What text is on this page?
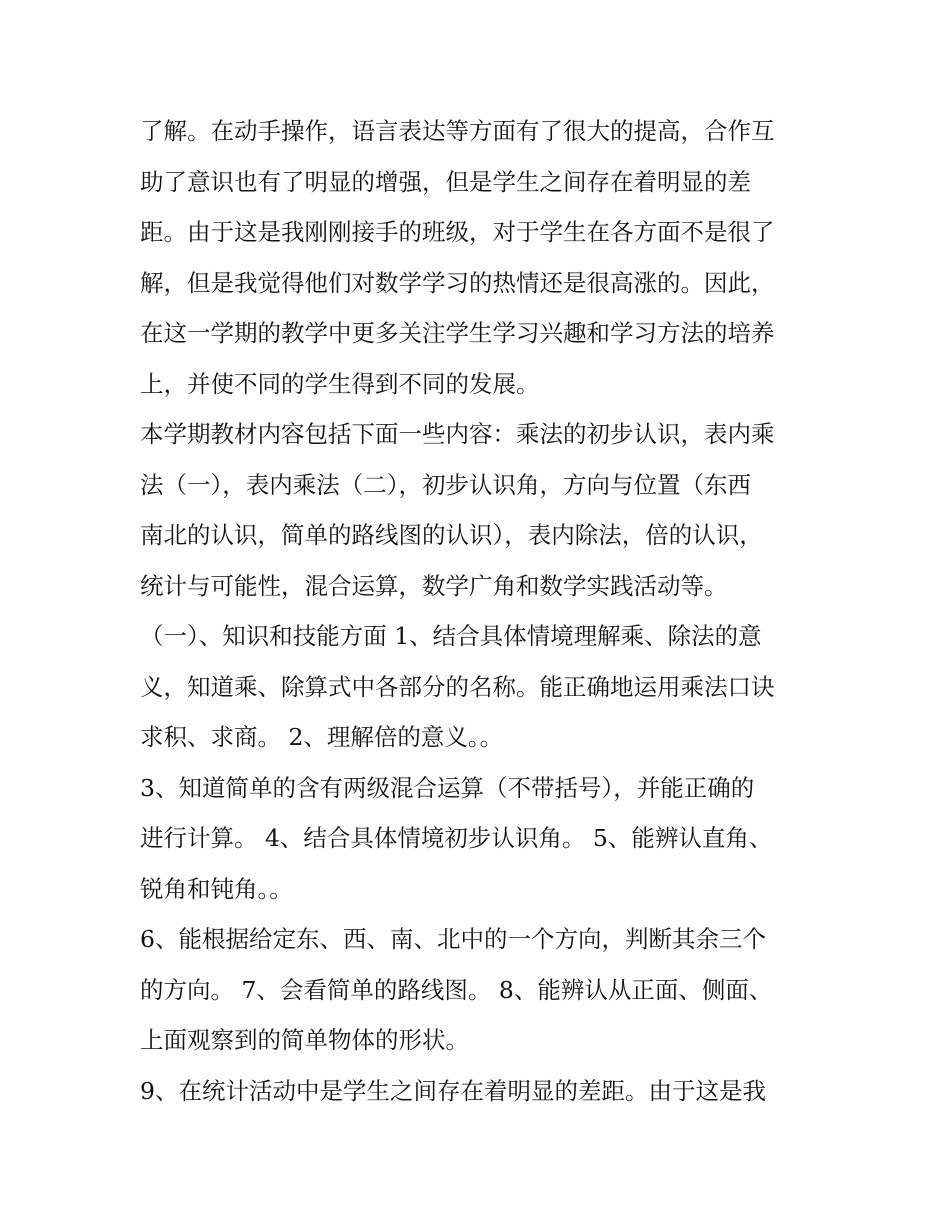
了解。在动手操作，语言表达等方面有了很大的提高，合作互
助了意识也有了明显的增强，但是学生之间存在着明显的差
距。由于这是我刚刚接手的班级，对于学生在各方面不是很了
解，但是我觉得他们对数学学习的热情还是很高涨的。因此，
在这一学期的教学中更多关注学生学习兴趣和学习方法的培养
上，并使不同的学生得到不同的发展。
本学期教材内容包括下面一些内容：乘法的初步认识，表内乘
法（一），表内乘法（二），初步认识角，方向与位置（东西
南北的认识，简单的路线图的认识），表内除法，倍的认识，
统计与可能性，混合运算，数学广角和数学实践活动等。
（一）、知识和技能方面 1、结合具体情境理解乘、除法的意
义，知道乘、除算式中各部分的名称。能正确地运用乘法口诀
求积、求商。 2、理解倍的意义。。
3、知道简单的含有两级混合运算（不带括号），并能正确的
进行计算。 4、结合具体情境初步认识角。 5、能辨认直角、
锐角和钝角。。
6、能根据给定东、西、南、北中的一个方向，判断其余三个
的方向。 7、会看简单的路线图。 8、能辨认从正面、侧面、
上面观察到的简单物体的形状。
9、在统计活动中是学生之间存在着明显的差距。由于这是我
